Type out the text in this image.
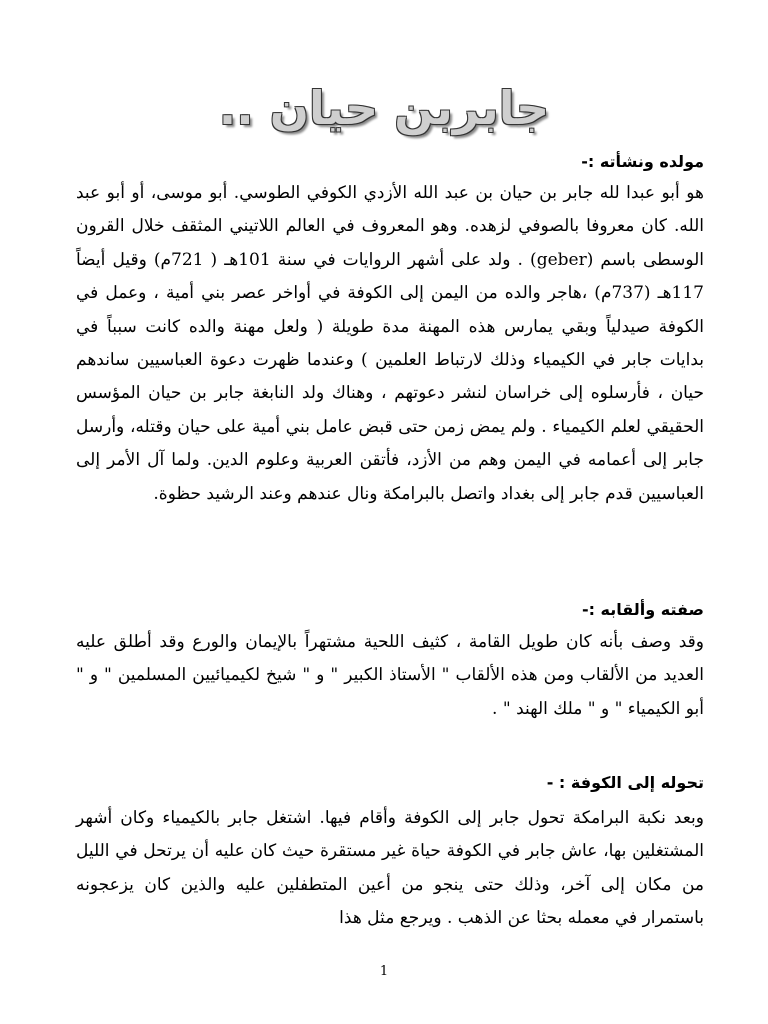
جابربن حيان ..
مولده ونشأته :-
هو أبو عبدا لله جابر بن حيان بن عبد الله الأزدي الكوفي الطوسي. أبو موسى، أو أبو عبد الله. كان معروفا بالصوفي لزهده. وهو المعروف في العالم اللاتيني المثقف خلال القرون الوسطى باسم (geber) . ولد على أشهر الروايات في سنة 101هـ ( 721م) وقيل أيضاً 117هـ (737م) ،هاجر والده من اليمن إلى الكوفة في أواخر عصر بني أمية ، وعمل في الكوفة صيدلياً وبقي يمارس هذه المهنة مدة طويلة ( ولعل مهنة والده كانت سبباً في بدايات جابر في الكيمياء وذلك لارتباط العلمين ) وعندما ظهرت دعوة العباسيين ساندهم حيان ، فأرسلوه إلى خراسان لنشر دعوتهم ، وهناك ولد النابغة جابر بن حيان المؤسس الحقيقي لعلم الكيمياء . ولم يمض زمن حتى قبض عامل بني أمية على حيان وقتله، وأرسل جابر إلى أعمامه في اليمن وهم من الأزد، فأتقن العربية وعلوم الدين. ولما آل الأمر إلى العباسيين قدم جابر إلى بغداد واتصل بالبرامكة ونال عندهم وعند الرشيد حظوة.
صفته وألقابه :-
وقد وصف بأنه كان طويل القامة ، كثيف اللحية مشتهراً بالإيمان والورع وقد أطلق عليه العديد من الألقاب ومن هذه الألقاب " الأستاذ الكبير " و " شيخ لكيميائيين المسلمين " و " أبو الكيمياء " و " ملك الهند " .
تحوله إلى الكوفة : -
وبعد نكبة البرامكة تحول جابر إلى الكوفة وأقام فيها. اشتغل جابر بالكيمياء وكان أشهر المشتغلين بها، عاش جابر في الكوفة حياة غير مستقرة حيث كان عليه أن يرتحل في الليل من مكان إلى آخر، وذلك حتى ينجو من أعين المتطفلين عليه والذين كان يزعجونه باستمرار في معمله بحثا عن الذهب . ويرجع مثل هذا
1
